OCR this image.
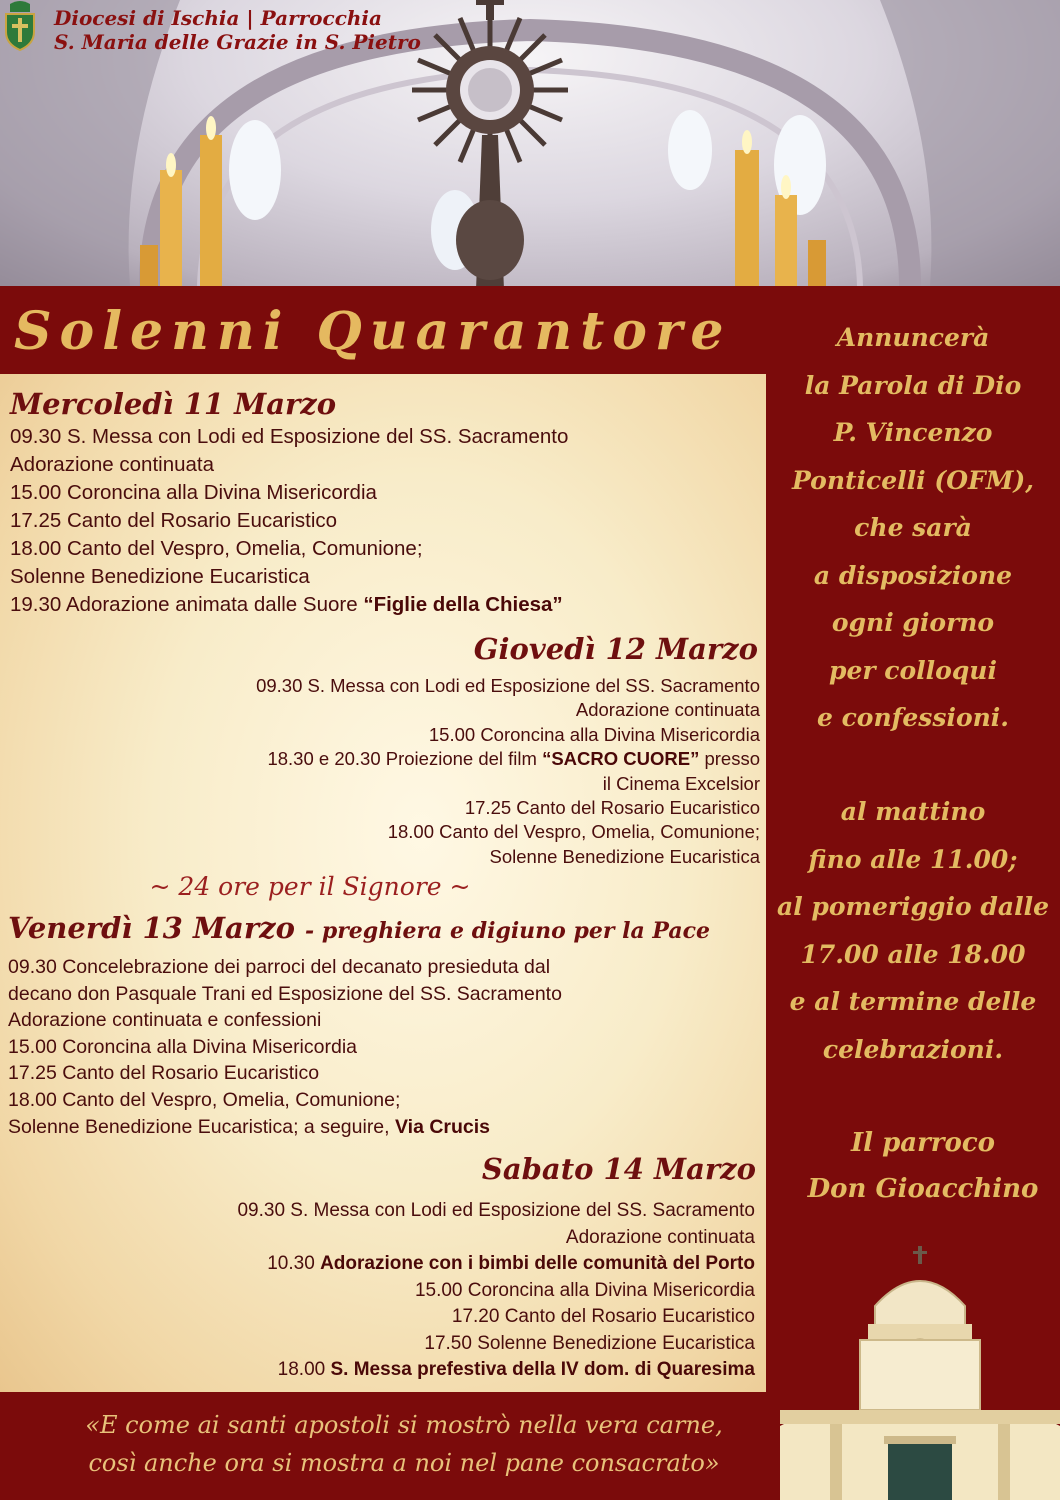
Diocesi di Ischia | Parrocchia
S. Maria delle Grazie in S. Pietro
Solenni Quarantore
Mercoledì 11 Marzo
09.30 S. Messa con Lodi ed Esposizione del SS. Sacramento
Adorazione continuata
15.00 Coroncina alla Divina Misericordia
17.25 Canto del Rosario Eucaristico
18.00 Canto del Vespro, Omelia, Comunione;
Solenne Benedizione Eucaristica
19.30 Adorazione animata dalle Suore “Figlie della Chiesa”
Giovedì 12 Marzo
09.30 S. Messa con Lodi ed Esposizione del SS. Sacramento
Adorazione continuata
15.00 Coroncina alla Divina Misericordia
18.30 e 20.30 Proiezione del film “SACRO CUORE” presso
il Cinema Excelsior
17.25 Canto del Rosario Eucaristico
18.00 Canto del Vespro, Omelia, Comunione;
Solenne Benedizione Eucaristica
~ 24 ore per il Signore ~
Venerdì 13 Marzo - preghiera e digiuno per la Pace
09.30 Concelebrazione dei parroci del decanato presieduta dal
decano don Pasquale Trani ed Esposizione del SS. Sacramento
Adorazione continuata e confessioni
15.00 Coroncina alla Divina Misericordia
17.25 Canto del Rosario Eucaristico
18.00 Canto del Vespro, Omelia, Comunione;
Solenne Benedizione Eucaristica; a seguire, Via Crucis
Sabato 14 Marzo
09.30 S. Messa con Lodi ed Esposizione del SS. Sacramento
Adorazione continuata
10.30 Adorazione con i bimbi delle comunità del Porto
15.00 Coroncina alla Divina Misericordia
17.20 Canto del Rosario Eucaristico
17.50 Solenne Benedizione Eucaristica
18.00 S. Messa prefestiva della IV dom. di Quaresima
Annuncerà
la Parola di Dio
P. Vincenzo
Ponticelli (OFM),
che sarà
a disposizione
ogni giorno
per colloqui
e confessioni.
al mattino
fino alle 11.00;
al pomeriggio dalle
17.00 alle 18.00
e al termine delle
celebrazioni.
Il parroco
Don Gioacchino
«E come ai santi apostoli si mostrò nella vera carne,
così anche ora si mostra a noi nel pane consacrato»
